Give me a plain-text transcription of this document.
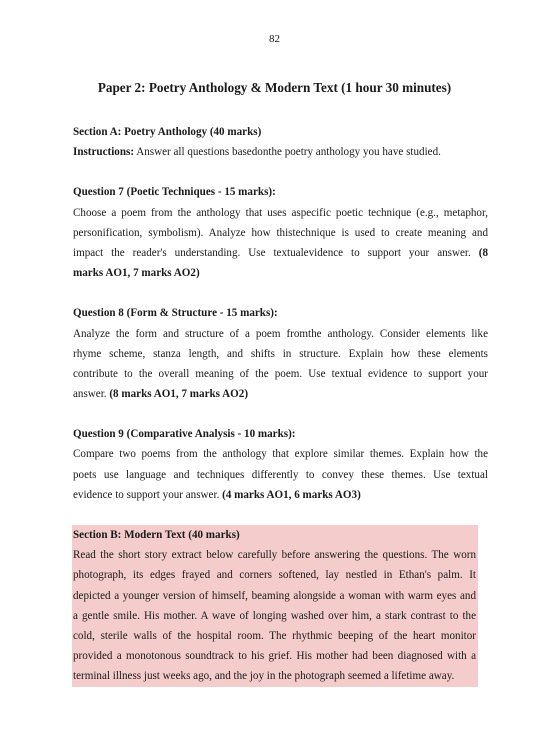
82
Paper 2: Poetry Anthology & Modern Text (1 hour 30 minutes)
Section A: Poetry Anthology (40 marks)
Instructions: Answer all questions basedonthe poetry anthology you have studied.
Question 7 (Poetic Techniques - 15 marks):
Choose a poem from the anthology that uses aspecific poetic technique (e.g., metaphor,
personification, symbolism). Analyze how thistechnique is used to create meaning and
impact the reader's understanding. Use textualevidence to support your answer. (8
marks AO1, 7 marks AO2)
Question 8 (Form & Structure - 15 marks):
Analyze the form and structure of a poem fromthe anthology. Consider elements like
rhyme scheme, stanza length, and shifts in structure. Explain how these elements
contribute to the overall meaning of the poem. Use textual evidence to support your
answer. (8 marks AO1, 7 marks AO2)
Question 9 (Comparative Analysis - 10 marks):
Compare two poems from the anthology that explore similar themes. Explain how the
poets use language and techniques differently to convey these themes. Use textual
evidence to support your answer. (4 marks AO1, 6 marks AO3)
Section B: Modern Text (40 marks)
Read the short story extract below carefully before answering the questions. The worn
photograph, its edges frayed and corners softened, lay nestled in Ethan's palm. It
depicted a younger version of himself, beaming alongside a woman with warm eyes and
a gentle smile. His mother. A wave of longing washed over him, a stark contrast to the
cold, sterile walls of the hospital room. The rhythmic beeping of the heart monitor
provided a monotonous soundtrack to his grief. His mother had been diagnosed with a
terminal illness just weeks ago, and the joy in the photograph seemed a lifetime away.
